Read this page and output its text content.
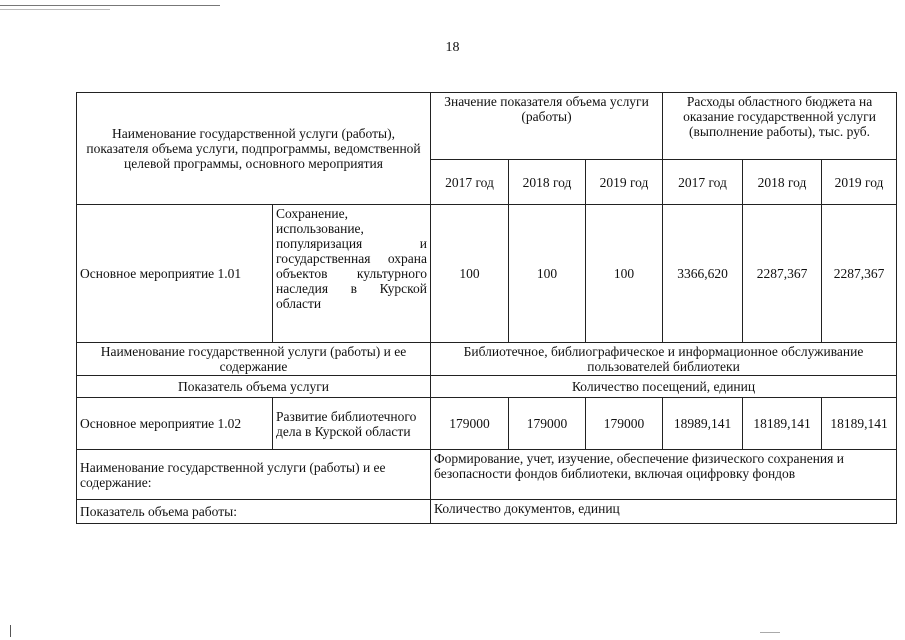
18
Наименование государственной услуги (работы), показателя объема услуги, подпрограммы, ведомственной целевой программы, основного мероприятия		Значение показателя объема услуги (работы)			Расходы областного бюджета на оказание государственной услуги (выполнение работы), тыс. руб.		
		2017 год	2018 год	2019 год	2017 год	2018 год	2019 год
Основное мероприятие 1.01	Сохранение, использование, популяризация и государственная охрана объектов культурного наследия в Курской области	100	100	100	3366,620	2287,367	2287,367
Наименование государственной услуги (работы) и ее содержание		Библиотечное, библиографическое и информационное обслуживание пользователей библиотеки					
Показатель объема услуги		Количество посещений, единиц					
Основное мероприятие 1.02	Развитие библиотечного дела в Курской области	179000	179000	179000	18989,141	18189,141	18189,141
Наименование государственной услуги (работы) и ее содержание:		Формирование, учет, изучение, обеспечение физического сохранения и безопасности фондов библиотеки, включая оцифровку фондов					
Показатель объема работы:		Количество документов, единиц					
